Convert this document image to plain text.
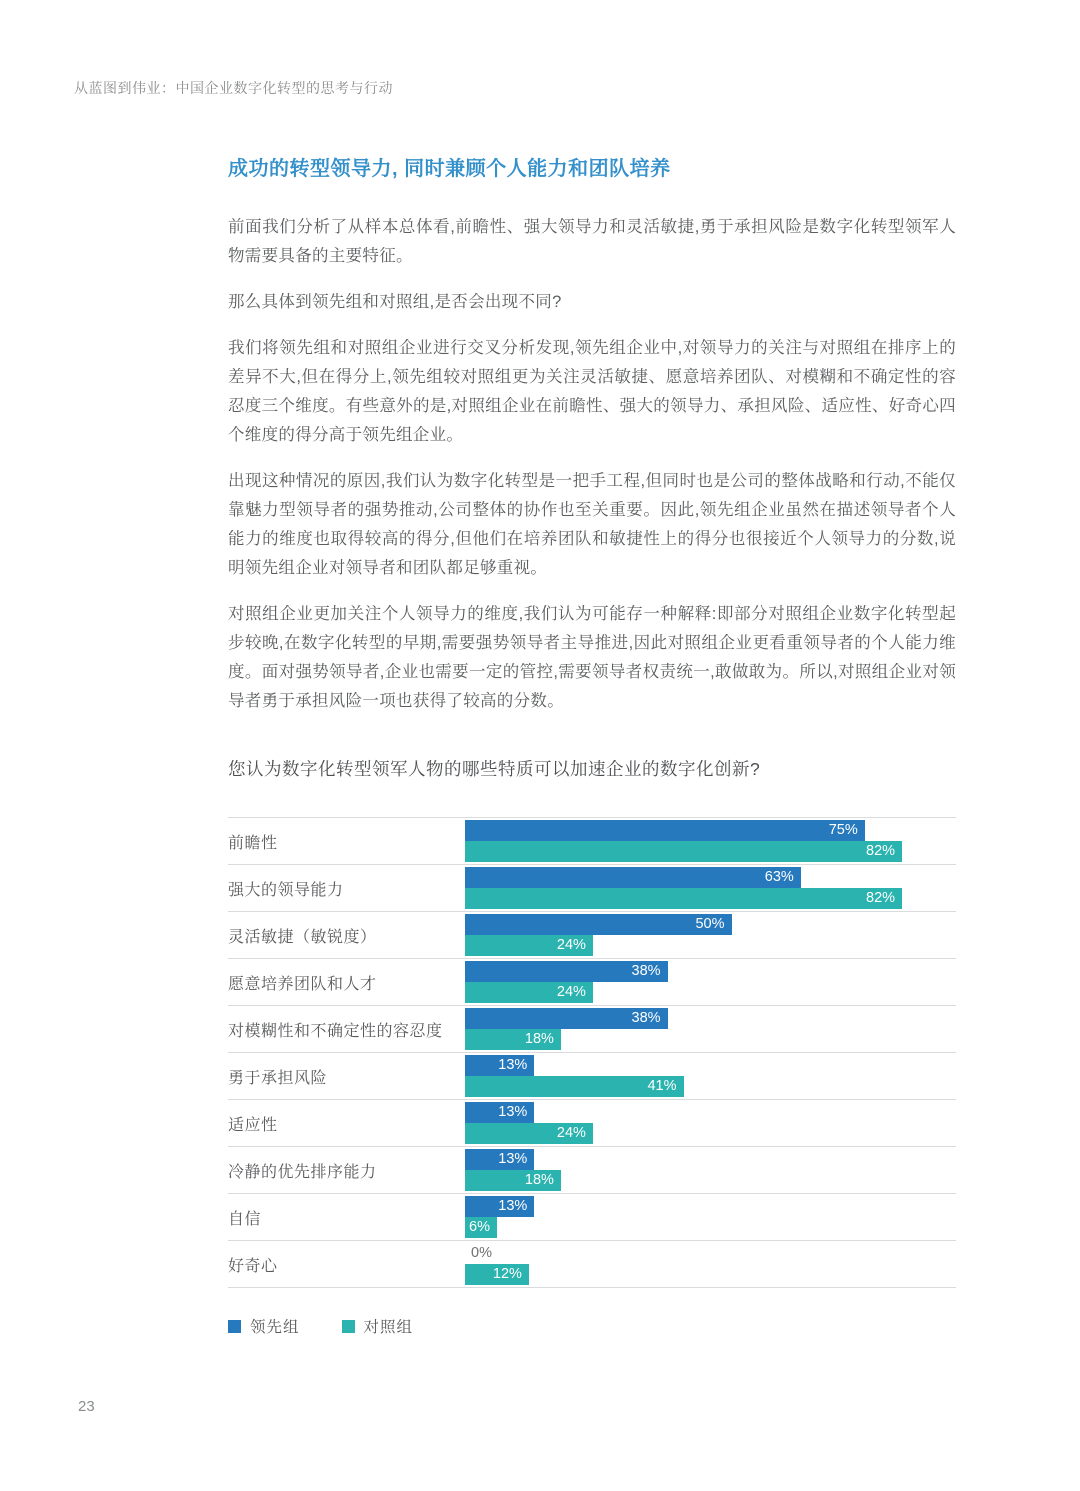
从蓝图到伟业：中国企业数字化转型的思考与行动
成功的转型领导力, 同时兼顾个人能力和团队培养

前面我们分析了从样本总体看,前瞻性、强大领导力和灵活敏捷,勇于承担风险是数字化转型领军人物需要具备的主要特征。

那么具体到领先组和对照组,是否会出现不同?

我们将领先组和对照组企业进行交叉分析发现,领先组企业中,对领导力的关注与对照组在排序上的差异不大,但在得分上,领先组较对照组更为关注灵活敏捷、愿意培养团队、对模糊和不确定性的容忍度三个维度。有些意外的是,对照组企业在前瞻性、强大的领导力、承担风险、适应性、好奇心四个维度的得分高于领先组企业。

出现这种情况的原因,我们认为数字化转型是一把手工程,但同时也是公司的整体战略和行动,不能仅靠魅力型领导者的强势推动,公司整体的协作也至关重要。因此,领先组企业虽然在描述领导者个人能力的维度也取得较高的得分,但他们在培养团队和敏捷性上的得分也很接近个人领导力的分数,说明领先组企业对领导者和团队都足够重视。

对照组企业更加关注个人领导力的维度,我们认为可能存一种解释:即部分对照组企业数字化转型起步较晚,在数字化转型的早期,需要强势领导者主导推进,因此对照组企业更看重领导者的个人能力维度。面对强势领导者,企业也需要一定的管控,需要领导者权责统一,敢做敢为。所以,对照组企业对领导者勇于承担风险一项也获得了较高的分数。

您认为数字化转型领军人物的哪些特质可以加速企业的数字化创新?
前瞻性
75%
82%
强大的领导能力
63%
82%
灵活敏捷（敏锐度）
50%
24%
愿意培养团队和人才
38%
24%
对模糊性和不确定性的容忍度
38%
18%
勇于承担风险
13%
41%
适应性
13%
24%
冷静的优先排序能力
13%
18%
自信
13%
6%
好奇心
0%
12%
领先组	对照组
23
